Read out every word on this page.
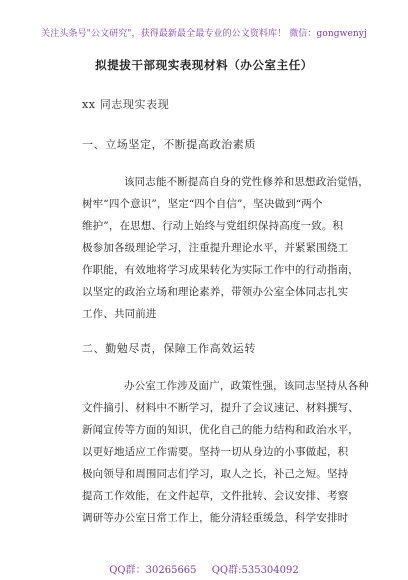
关注头条号"公文研究"，获得最新最全最专业的公文资料库！ 微信：gongwenyj
拟提拔干部现实表现材料（办公室主任）
xx 同志现实表现
一、立场坚定，不断提高政治素质
该同志能不断提高自身的党性修养和思想政治觉悟，
树牢“四个意识”，坚定“四个自信”，坚决做到“两个
维护”，在思想、行动上始终与党组织保持高度一致。积
极参加各级理论学习，注重提升理论水平，并紧紧围绕工
作职能，有效地将学习成果转化为实际工作中的行动指南，
以坚定的政治立场和理论素养，带领办公室全体同志扎实
工作、共同前进
二、勤勉尽责，保障工作高效运转
办公室工作涉及面广，政策性强，该同志坚持从各种
文件摘引、材料中不断学习，提升了会议速记、材料撰写、
新闻宣传等方面的知识，优化自己的能力结构和政治水平，
以更好地适应工作需要。坚持一切从身边的小事做起，积
极向领导和周围同志们学习，取人之长，补己之短。坚持
提高工作效能，在文件起草，文件批转、会议安排、考察
调研等办公室日常工作上，能分清轻重缓急，科学安排时
QQ群：30265665 QQ群:535304092
